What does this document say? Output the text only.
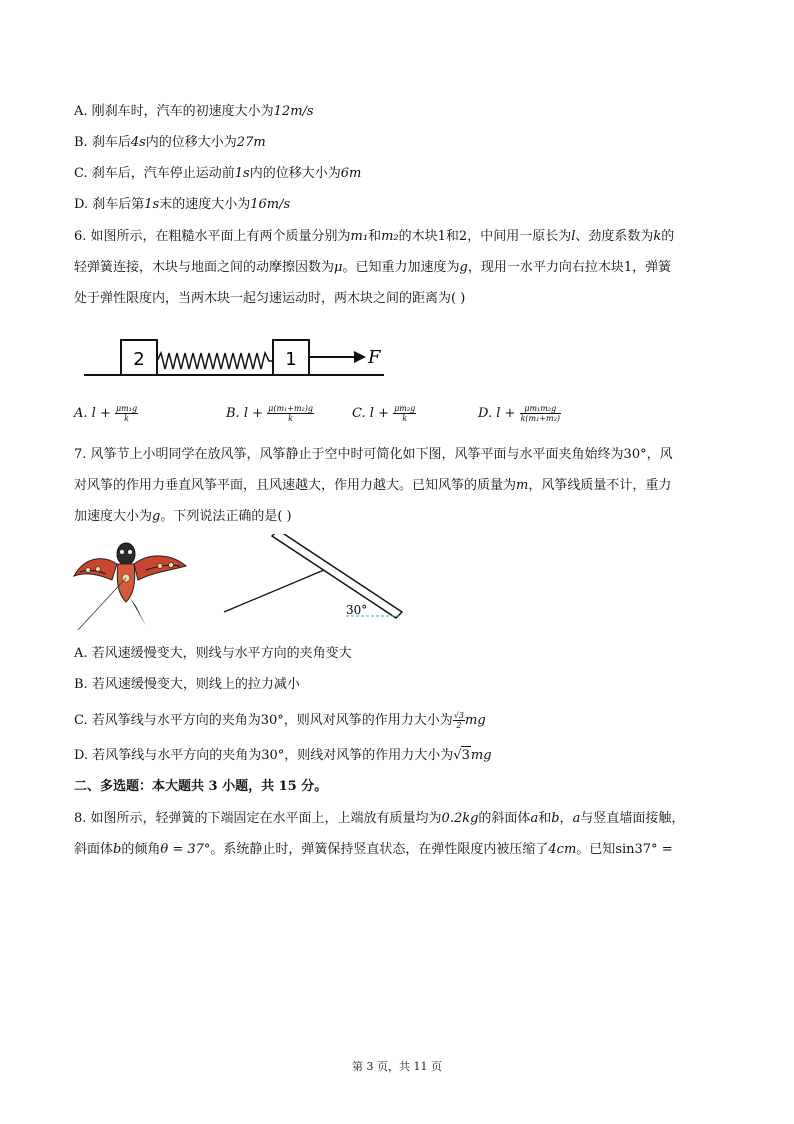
A. 刚刹车时，汽车的初速度大小为12m/s
B. 刹车后4s内的位移大小为27m
C. 刹车后，汽车停止运动前1s内的位移大小为6m
D. 刹车后第1s末的速度大小为16m/s
6. 如图所示，在粗糙水平面上有两个质量分别为m₁和m₂的木块1和2，中间用一原长为l、劲度系数为k的
轻弹簧连接，木块与地面之间的动摩擦因数为μ。已知重力加速度为g，现用一水平力向右拉木块1，弹簧
处于弹性限度内，当两木块一起匀速运动时，两木块之间的距离为( )
2	1	F
A. $l + \frac{\text{μm₁g}}{k}$	B. $l + \frac{\text{μ(m₁+m₂)g}}{k}$	C. $l + \frac{\text{μm₂g}}{k}$	D. $l + \frac{\text{μm₁m₂g}}{\text{k(m₁+m₂)}}$
7. 风筝节上小明同学在放风筝，风筝静止于空中时可简化如下图，风筝平面与水平面夹角始终为30°，风
对风筝的作用力垂直风筝平面，且风速越大，作用力越大。已知风筝的质量为m，风筝线质量不计，重力
加速度大小为g。下列说法正确的是( )
30°
A. 若风速缓慢变大，则线与水平方向的夹角变大
B. 若风速缓慢变大，则线上的拉力减小
C. 若风筝线与水平方向的夹角为30°，则风对风筝的作用力大小为 $\frac{√3}{2}$ mg
D. 若风筝线与水平方向的夹角为30°，则线对风筝的作用力大小为√3mg
二、多选题：本大题共 3 小题，共 15 分。
8. 如图所示，轻弹簧的下端固定在水平面上，上端放有质量均为0.2kg的斜面体a和b，a与竖直墙面接触，
斜面体b的倾角θ = 37°。系统静止时，弹簧保持竖直状态，在弹性限度内被压缩了4cm。已知sin37° =
第 3 页，共 11 页
